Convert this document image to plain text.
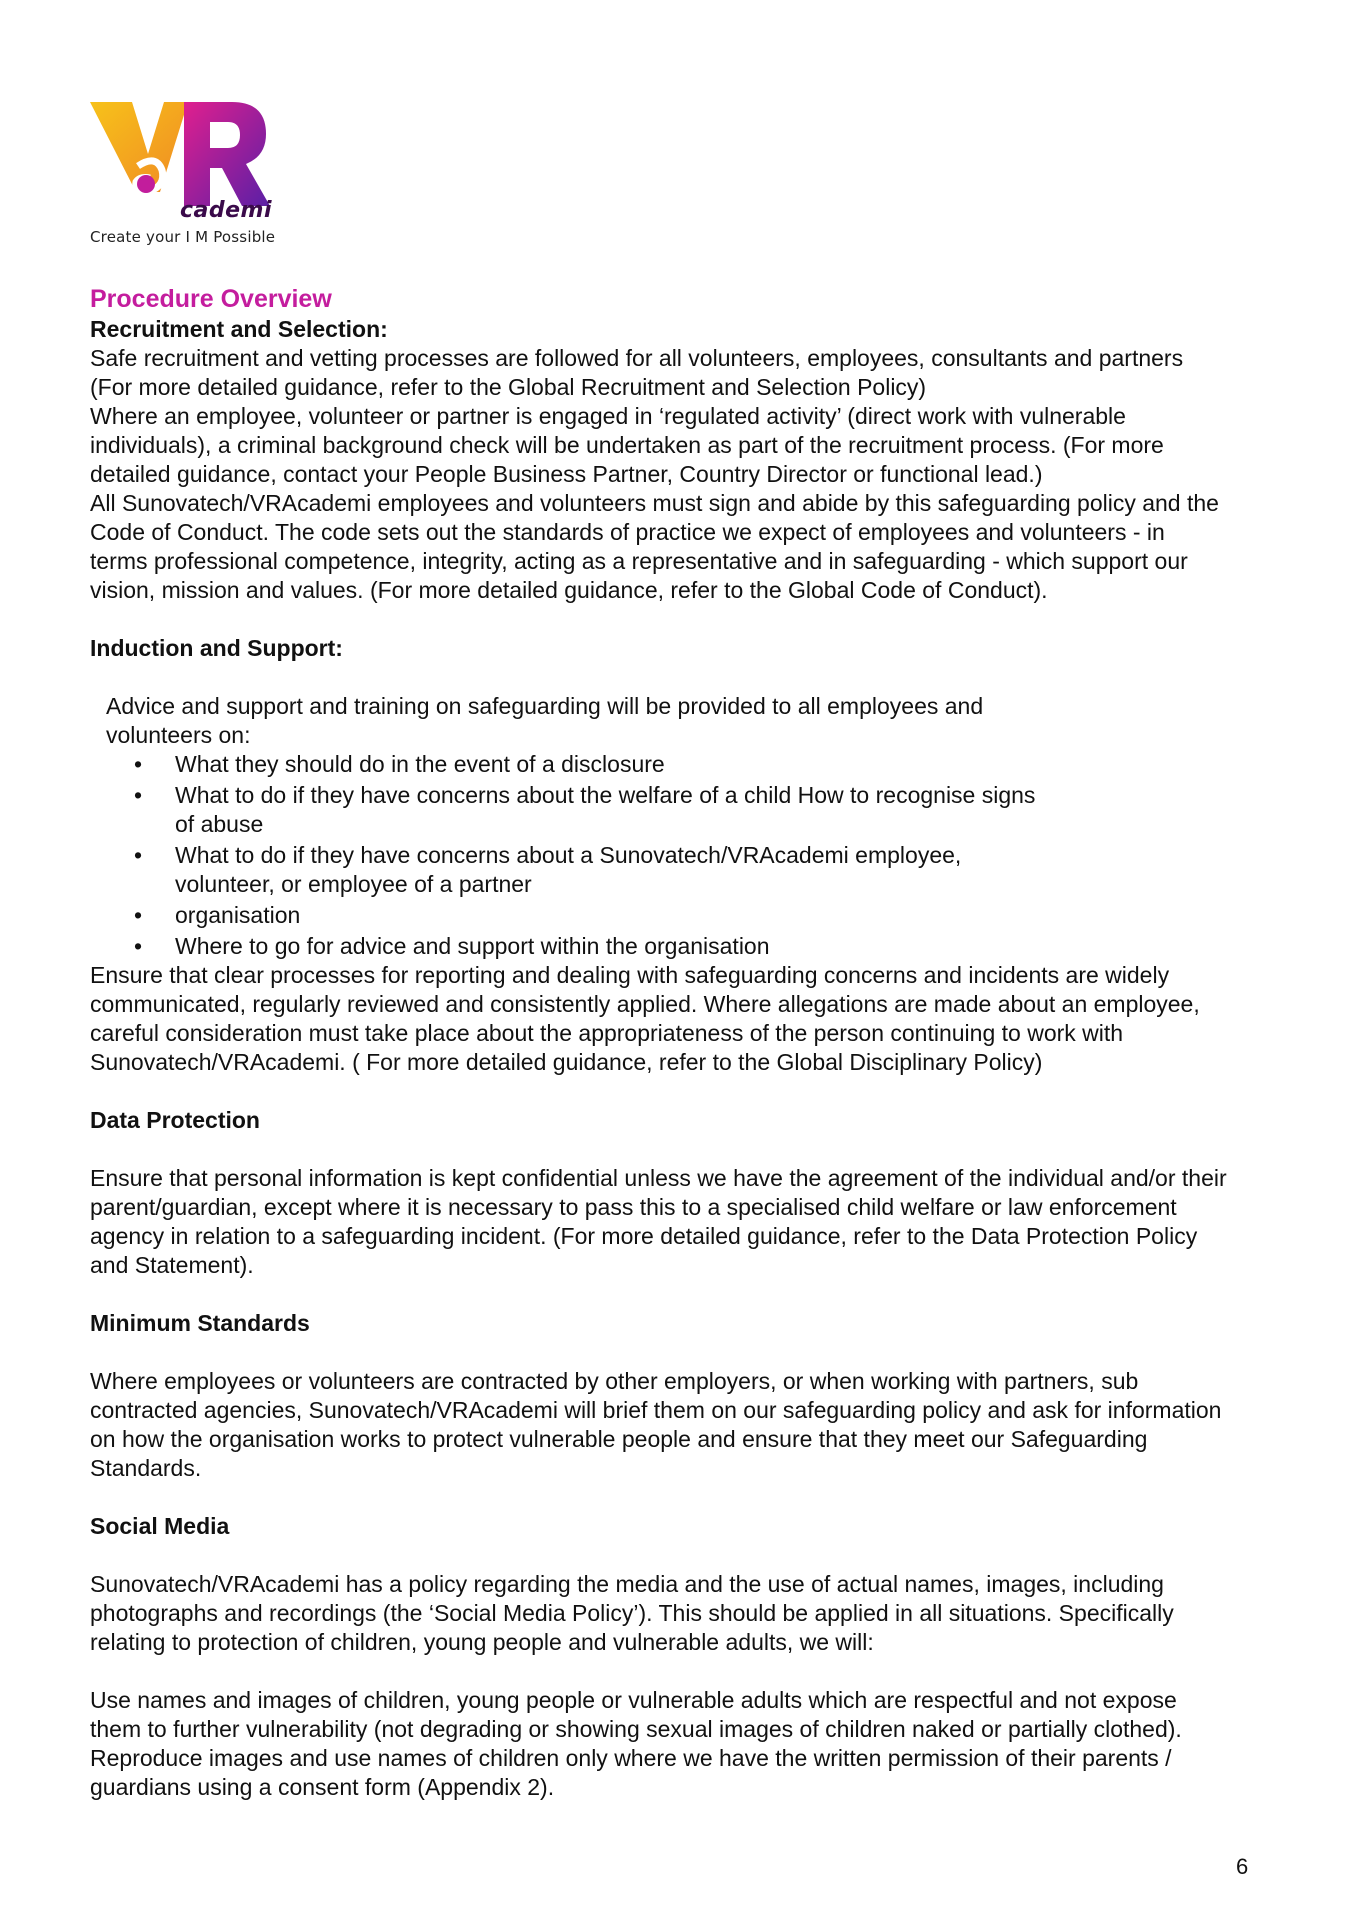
cademi
Create your I M Possible

Procedure Overview

Recruitment and Selection:

Safe recruitment and vetting processes are followed for all volunteers, employees, consultants and partners

(For more detailed guidance, refer to the Global Recruitment and Selection Policy)

Where an employee, volunteer or partner is engaged in ‘regulated activity’ (direct work with vulnerable

individuals), a criminal background check will be undertaken as part of the recruitment process. (For more

detailed guidance, contact your People Business Partner, Country Director or functional lead.)

All Sunovatech/VRAcademi employees and volunteers must sign and abide by this safeguarding policy and the

Code of Conduct. The code sets out the standards of practice we expect of employees and volunteers - in

terms professional competence, integrity, acting as a representative and in safeguarding - which support our

vision, mission and values. (For more detailed guidance, refer to the Global Code of Conduct).

Induction and Support:

Advice and support and training on safeguarding will be provided to all employees and

volunteers on:

• What they should do in the event of a disclosure
• What to do if they have concerns about the welfare of a child How to recognise signs
of abuse
• What to do if they have concerns about a Sunovatech/VRAcademi employee,
volunteer, or employee of a partner
• organisation
• Where to go for advice and support within the organisation

Ensure that clear processes for reporting and dealing with safeguarding concerns and incidents are widely

communicated, regularly reviewed and consistently applied. Where allegations are made about an employee,

careful consideration must take place about the appropriateness of the person continuing to work with

Sunovatech/VRAcademi. ( For more detailed guidance, refer to the Global Disciplinary Policy)

Data Protection

Ensure that personal information is kept confidential unless we have the agreement of the individual and/or their

parent/guardian, except where it is necessary to pass this to a specialised child welfare or law enforcement

agency in relation to a safeguarding incident. (For more detailed guidance, refer to the Data Protection Policy

and Statement).

Minimum Standards

Where employees or volunteers are contracted by other employers, or when working with partners, sub

contracted agencies, Sunovatech/VRAcademi will brief them on our safeguarding policy and ask for information

on how the organisation works to protect vulnerable people and ensure that they meet our Safeguarding

Standards.

Social Media

Sunovatech/VRAcademi has a policy regarding the media and the use of actual names, images, including

photographs and recordings (the ‘Social Media Policy’). This should be applied in all situations. Specifically

relating to protection of children, young people and vulnerable adults, we will:

Use names and images of children, young people or vulnerable adults which are respectful and not expose

them to further vulnerability (not degrading or showing sexual images of children naked or partially clothed).

Reproduce images and use names of children only where we have the written permission of their parents /

guardians using a consent form (Appendix 2).

6
